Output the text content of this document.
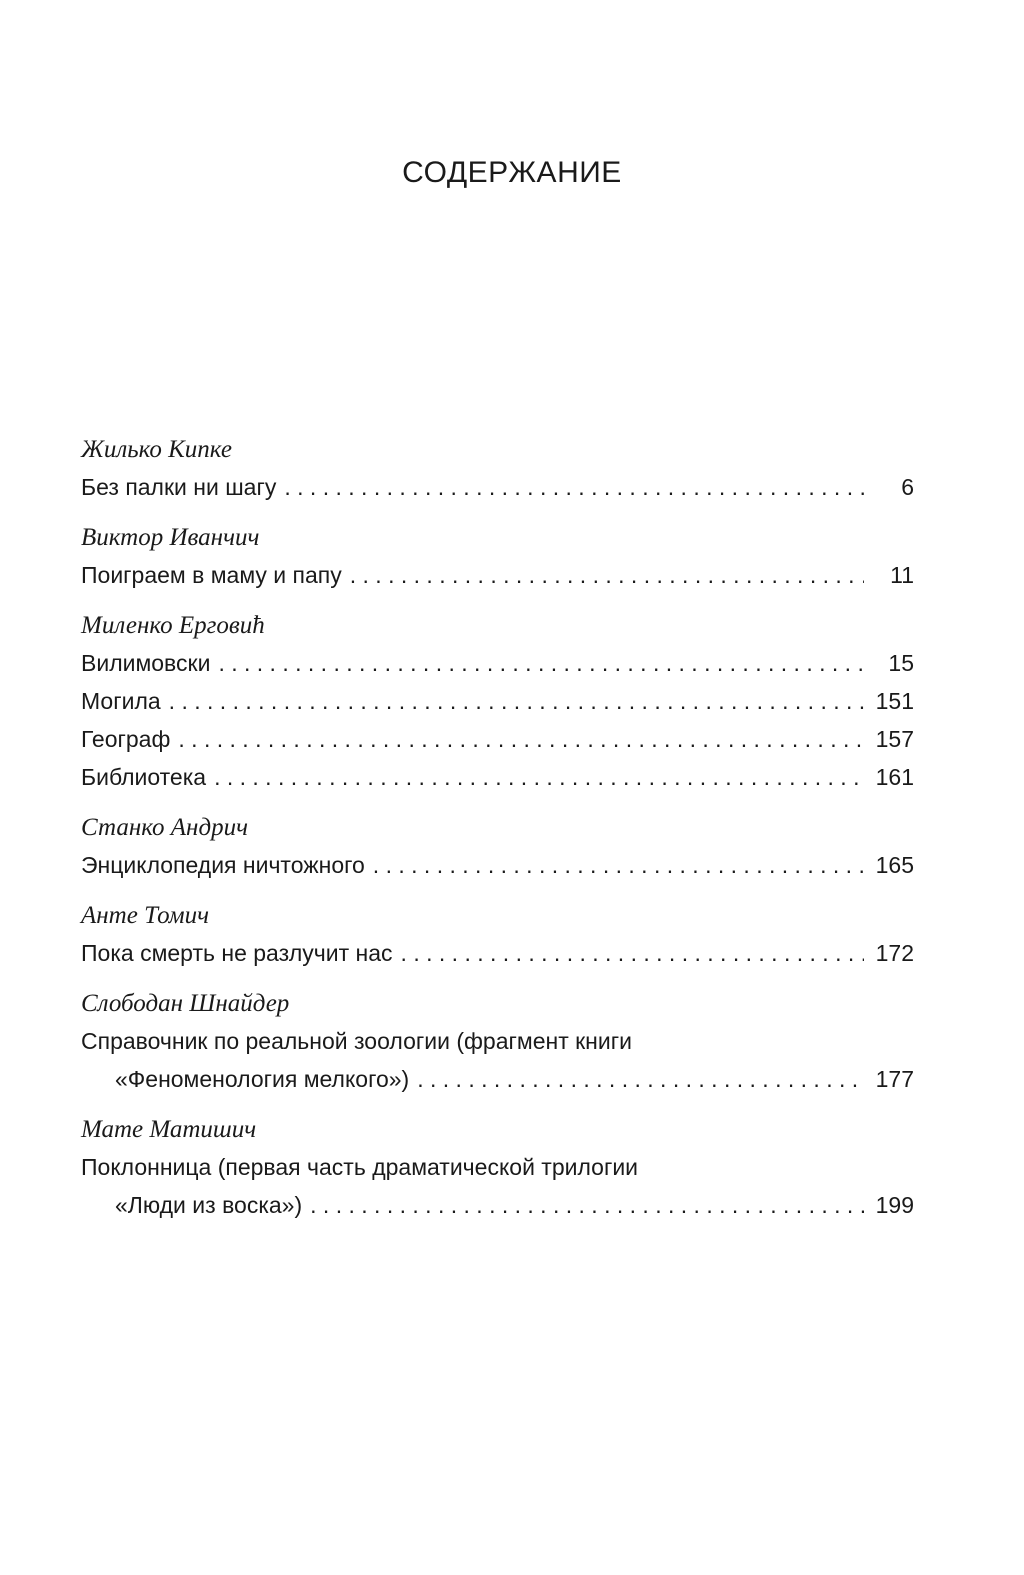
СОДЕРЖАНИЕ
Жилько Кипке
Без палки ни шагу . . .	6
Виктор Иванчич
Поиграем в маму и папу . . .	11
Миленко Ерговић
Вилимовски . . .	15
Могила . . .	151
Географ . . .	157
Библиотека . . .	161
Станко Андрич
Энциклопедия ничтожного . . .	165
Анте Томич
Пока смерть не разлучит нас . . .	172
Слободан Шнайдер
Справочник по реальной зоологии (фрагмент книги
«Феноменология мелкого») . . .	177
Мате Матишич
Поклонница (первая часть драматической трилогии
«Люди из воска») . . .	199
